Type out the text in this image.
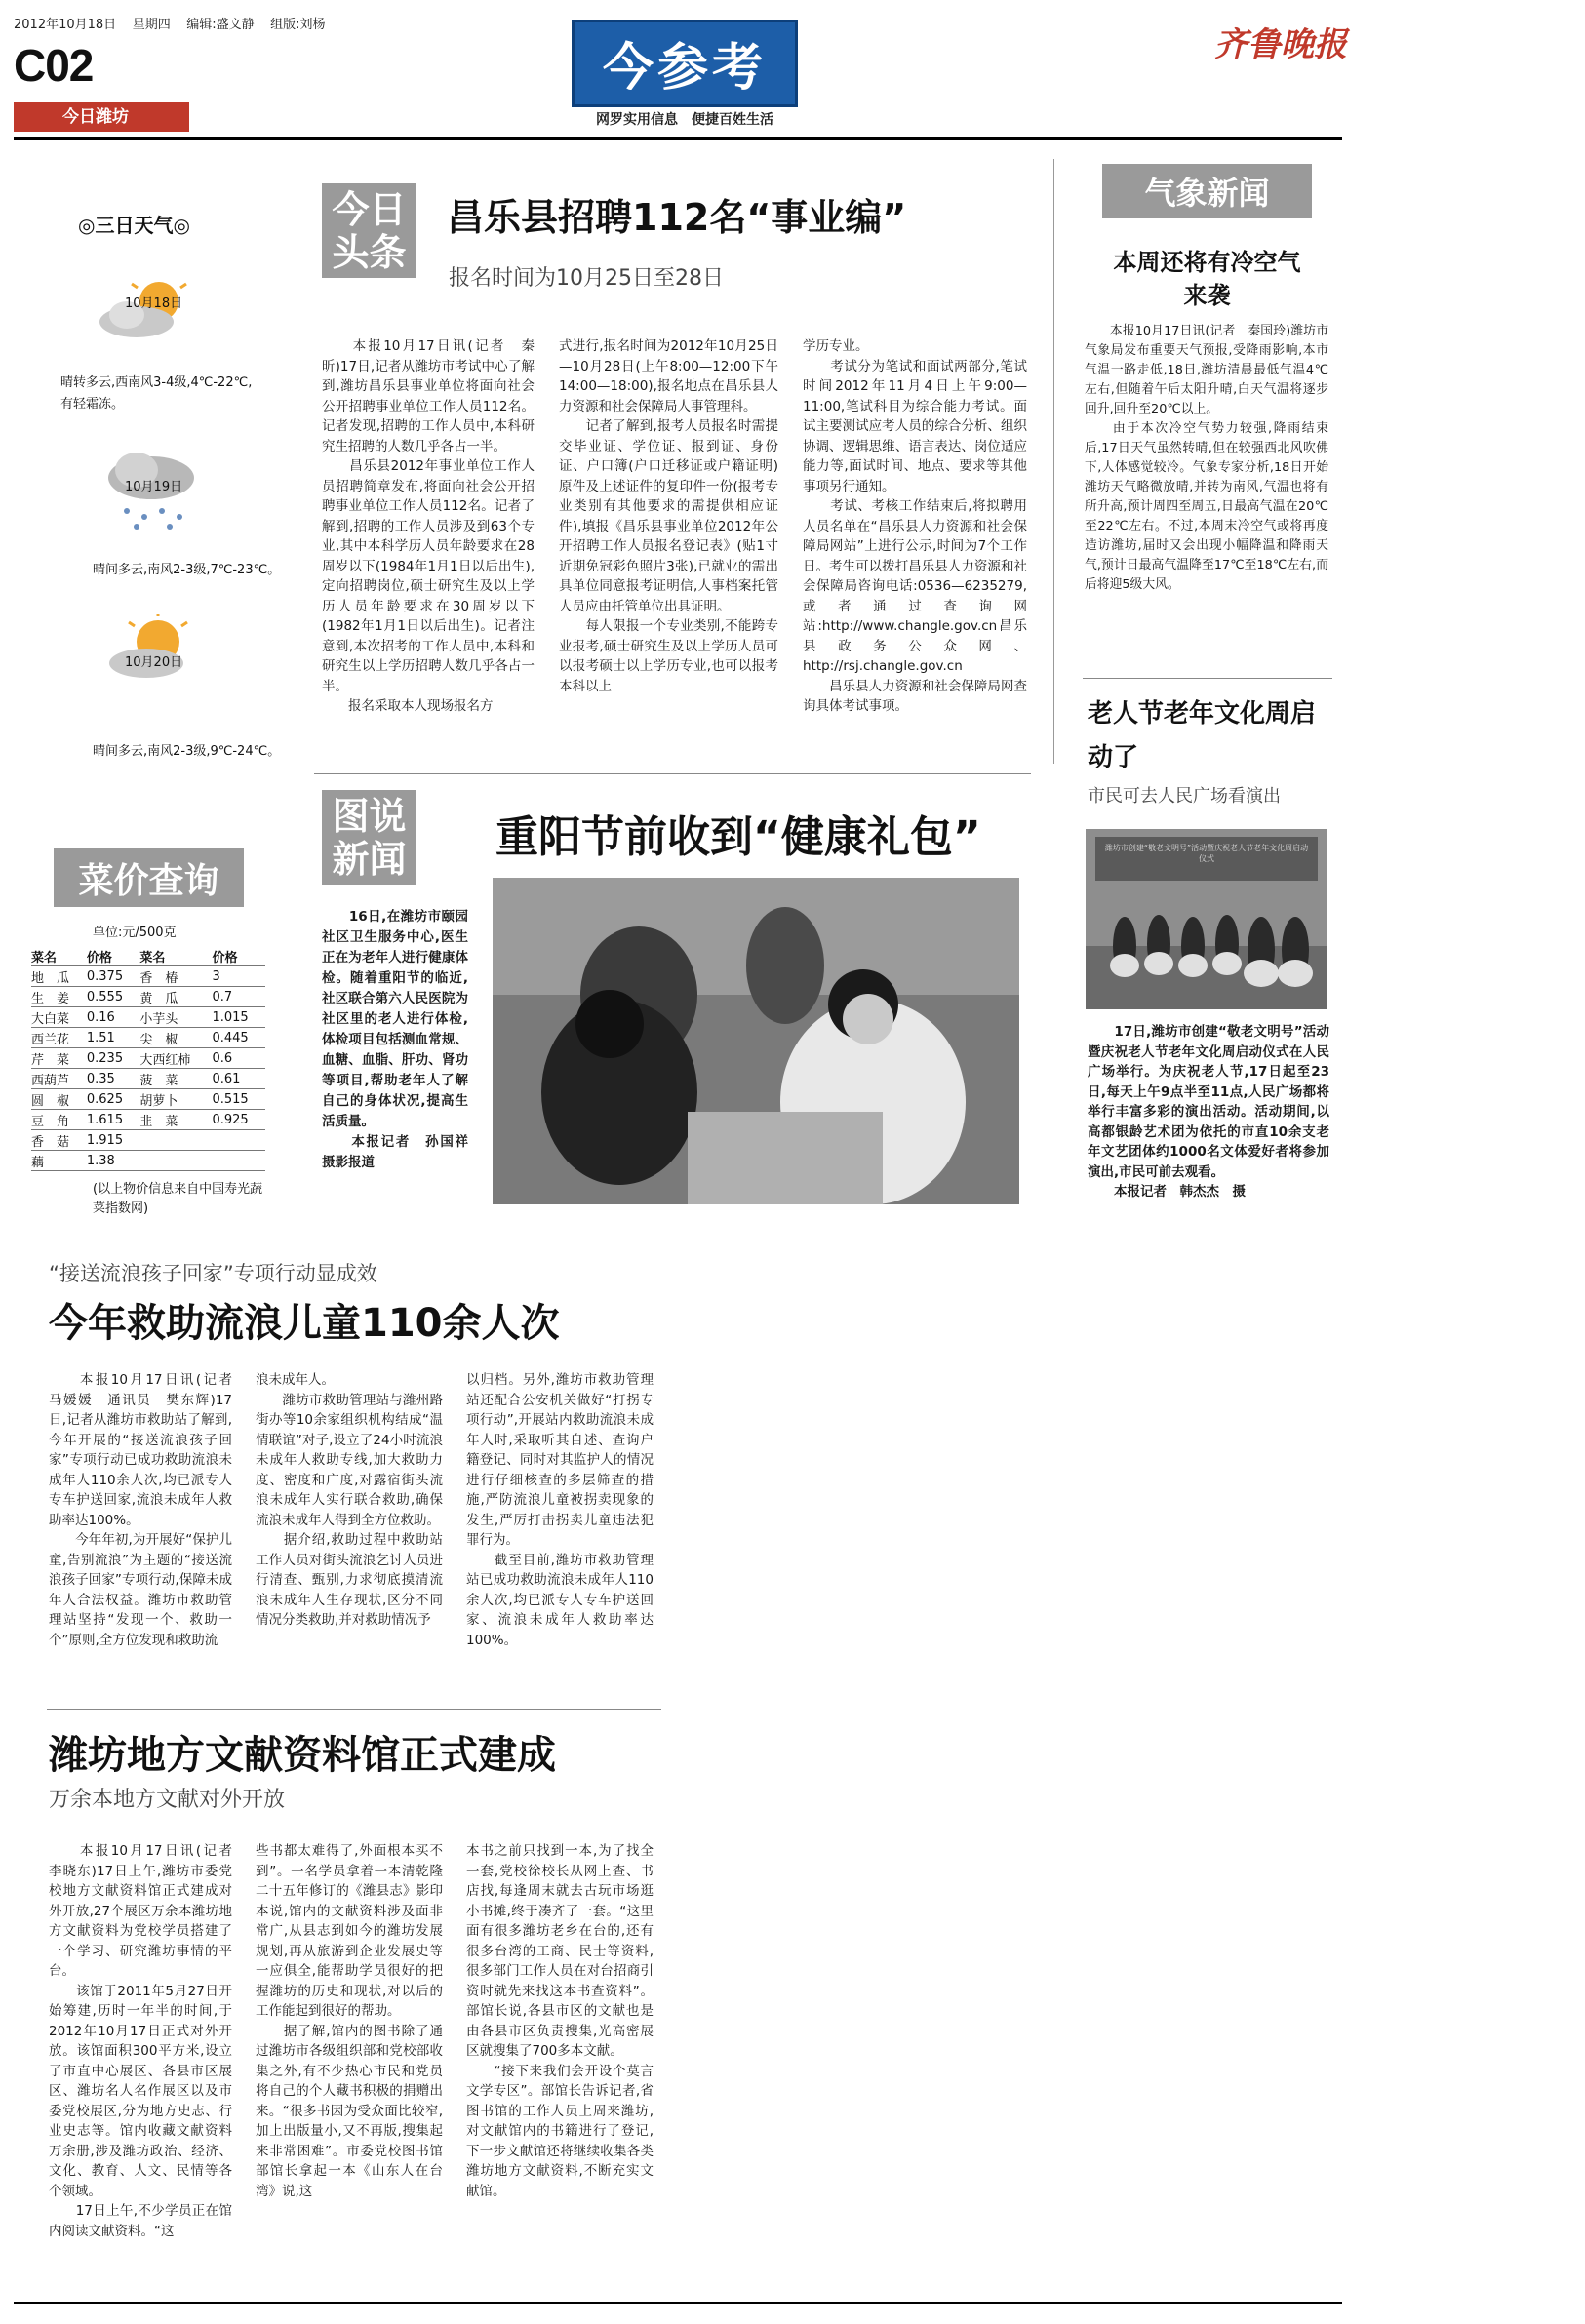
2012年10月18日 星期四 编辑:盛文静 组版:刘杨
C02
今日潍坊
今参考
网罗实用信息　便捷百姓生活
齐鲁晚报
◎三日天气◎
10月18日
晴转多云,西南风3-4级,4℃-22℃,有轻霜冻。
10月19日
晴间多云,南风2-3级,7℃-23℃。
10月20日
晴间多云,南风2-3级,9℃-24℃。
菜价查询
单位:元/500克
菜名	价格	菜名	价格
地　瓜	0.375	香　椿	3
生　姜	0.555	黄　瓜	0.7
大白菜	0.16	小芋头	1.015
西兰花	1.51	尖　椒	0.445
芹　菜	0.235	大西红柿	0.6
西葫芦	0.35	菠　菜	0.61
圆　椒	0.625	胡萝卜	0.515
豆　角	1.615	韭　菜	0.925
香　菇	1.915		
藕	1.38		
(以上物价信息来自中国寿光蔬菜指数网)
今日头条
昌乐县招聘112名“事业编”
报名时间为10月25日至28日
　　本报10月17日讯(记者　秦昕)17日,记者从潍坊市考试中心了解到,潍坊昌乐县事业单位将面向社会公开招聘事业单位工作人员112名。记者发现,招聘的工作人员中,本科研究生招聘的人数几乎各占一半。
　　昌乐县2012年事业单位工作人员招聘简章发布,将面向社会公开招聘事业单位工作人员112名。记者了解到,招聘的工作人员涉及到63个专业,其中本科学历人员年龄要求在28周岁以下(1984年1月1日以后出生),定向招聘岗位,硕士研究生及以上学历人员年龄要求在30周岁以下(1982年1月1日以后出生)。记者注意到,本次招考的工作人员中,本科和研究生以上学历招聘人数几乎各占一半。
　　报名采取本人现场报名方
式进行,报名时间为2012年10月25日—10月28日(上午8:00—12:00下午14:00—18:00),报名地点在昌乐县人力资源和社会保障局人事管理科。
　　记者了解到,报考人员报名时需提交毕业证、学位证、报到证、身份证、户口簿(户口迁移证或户籍证明)原件及上述证件的复印件一份(报考专业类别有其他要求的需提供相应证件),填报《昌乐县事业单位2012年公开招聘工作人员报名登记表》(贴1寸近期免冠彩色照片3张),已就业的需出具单位同意报考证明信,人事档案托管人员应由托管单位出具证明。
　　每人限报一个专业类别,不能跨专业报考,硕士研究生及以上学历人员可以报考硕士以上学历专业,也可以报考本科以上
学历专业。
　　考试分为笔试和面试两部分,笔试时间2012年11月4日上午9:00—11:00,笔试科目为综合能力考试。面试主要测试应考人员的综合分析、组织协调、逻辑思维、语言表达、岗位适应能力等,面试时间、地点、要求等其他事项另行通知。
　　考试、考核工作结束后,将拟聘用人员名单在“昌乐县人力资源和社会保障局网站”上进行公示,时间为7个工作日。考生可以拨打昌乐县人力资源和社会保障局咨询电话:0536—6235279,或者通过查询网站:http://www.changle.gov.cn昌乐县政务公众网、http://rsj.changle.gov.cn
　　昌乐县人力资源和社会保障局网查询具体考试事项。
图说新闻 重阳节前收到“健康礼包”
　　16日,在潍坊市颐园社区卫生服务中心,医生正在为老年人进行健康体检。随着重阳节的临近,社区联合第六人民医院为社区里的老人进行体检,体检项目包括测血常规、血糖、血脂、肝功、肾功等项目,帮助老年人了解自己的身体状况,提高生活质量。
　　本报记者　孙国祥　摄影报道
气象新闻
本周还将有冷空气来袭
　　本报10月17日讯(记者　秦国玲)潍坊市气象局发布重要天气预报,受降雨影响,本市气温一路走低,18日,潍坊清晨最低气温4℃左右,但随着午后太阳升晴,白天气温将逐步回升,回升至20℃以上。
　　由于本次冷空气势力较强,降雨结束后,17日天气虽然转晴,但在较强西北风吹佛下,人体感觉较冷。气象专家分析,18日开始潍坊天气略微放晴,并转为南风,气温也将有所升高,预计周四至周五,日最高气温在20℃至22℃左右。不过,本周末冷空气或将再度造访潍坊,届时又会出现小幅降温和降雨天气,预计日最高气温降至17℃至18℃左右,而后将迎5级大风。
老人节老年文化周启动了
市民可去人民广场看演出
潍坊市创建“敬老文明号”活动暨庆祝老人节老年文化周启动仪式
　　17日,潍坊市创建“敬老文明号”活动暨庆祝老人节老年文化周启动仪式在人民广场举行。为庆祝老人节,17日起至23日,每天上午9点半至11点,人民广场都将举行丰富多彩的演出活动。活动期间,以高都银龄艺术团为依托的市直10余支老年文艺团体约1000名文体爱好者将参加演出,市民可前去观看。
　　本报记者　韩杰杰　摄
“接送流浪孩子回家”专项行动显成效
今年救助流浪儿童110余人次
　　本报10月17日讯(记者　马媛媛　通讯员　樊东辉)17日,记者从潍坊市救助站了解到,今年开展的“接送流浪孩子回家”专项行动已成功救助流浪未成年人110余人次,均已派专人专车护送回家,流浪未成年人救助率达100%。
　　今年年初,为开展好“保护儿童,告别流浪”为主题的“接送流浪孩子回家”专项行动,保障未成年人合法权益。潍坊市救助管理站坚持“发现一个、救助一个”原则,全方位发现和救助流
浪未成年人。
　　潍坊市救助管理站与潍州路街办等10余家组织机构结成“温情联谊”对子,设立了24小时流浪未成年人救助专线,加大救助力度、密度和广度,对露宿街头流浪未成年人实行联合救助,确保流浪未成年人得到全方位救助。
　　据介绍,救助过程中救助站工作人员对街头流浪乞讨人员进行清查、甄别,力求彻底摸清流浪未成年人生存现状,区分不同情况分类救助,并对救助情况予
以归档。另外,潍坊市救助管理站还配合公安机关做好“打拐专项行动”,开展站内救助流浪未成年人时,采取听其自述、查询户籍登记、同时对其监护人的情况进行仔细核查的多层筛查的措施,严防流浪儿童被拐卖现象的发生,严厉打击拐卖儿童违法犯罪行为。
　　截至目前,潍坊市救助管理站已成功救助流浪未成年人110余人次,均已派专人专车护送回家、流浪未成年人救助率达100%。
潍坊地方文献资料馆正式建成
万余本地方文献对外开放
　　本报10月17日讯(记者　李晓东)17日上午,潍坊市委党校地方文献资料馆正式建成对外开放,27个展区万余本潍坊地方文献资料为党校学员搭建了一个学习、研究潍坊事情的平台。
　　该馆于2011年5月27日开始筹建,历时一年半的时间,于2012年10月17日正式对外开放。该馆面积300平方米,设立了市直中心展区、各县市区展区、潍坊名人名作展区以及市委党校展区,分为地方史志、行业史志等。馆内收藏文献资料万余册,涉及潍坊政治、经济、文化、教育、人文、民情等各个领域。
　　17日上午,不少学员正在馆内阅读文献资料。“这
些书都太难得了,外面根本买不到”。一名学员拿着一本清乾隆二十五年修订的《潍县志》影印本说,馆内的文献资料涉及面非常广,从县志到如今的潍坊发展规划,再从旅游到企业发展史等一应俱全,能帮助学员很好的把握潍坊的历史和现状,对以后的工作能起到很好的帮助。
　　据了解,馆内的图书除了通过潍坊市各级组织部和党校部收集之外,有不少热心市民和党员将自己的个人藏书积极的捐赠出来。“很多书因为受众面比较窄,加上出版量小,又不再版,搜集起来非常困难”。市委党校图书馆部馆长拿起一本《山东人在台湾》说,这
本书之前只找到一本,为了找全一套,党校徐校长从网上查、书店找,每逢周末就去古玩市场逛小书摊,终于凑齐了一套。“这里面有很多潍坊老乡在台的,还有很多台湾的工商、民士等资料,很多部门工作人员在对台招商引资时就先来找这本书查资料”。部馆长说,各县市区的文献也是由各县市区负责搜集,光高密展区就搜集了700多本文献。
　　“接下来我们会开设个莫言文学专区”。部馆长告诉记者,省图书馆的工作人员上周来潍坊,对文献馆内的书籍进行了登记,下一步文献馆还将继续收集各类潍坊地方文献资料,不断充实文献馆。
